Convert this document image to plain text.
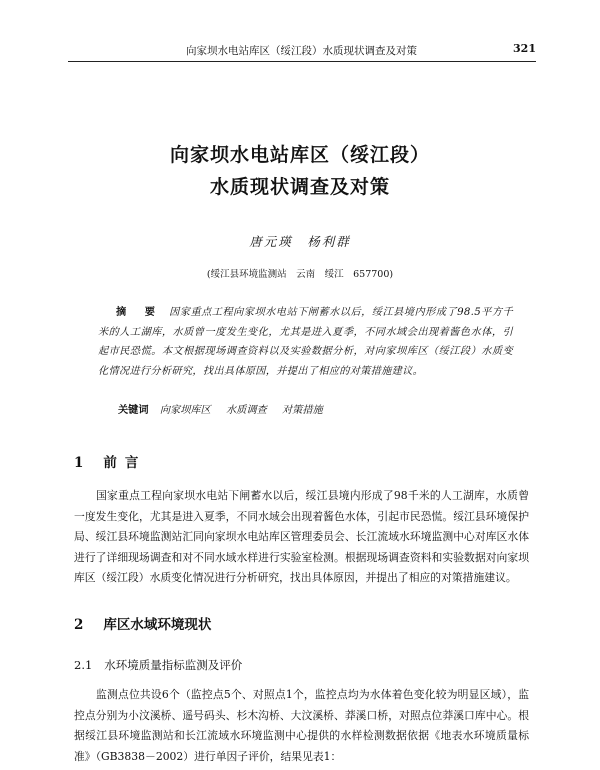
向家坝水电站库区（绥江段）水质现状调查及对策	321
向家坝水电站库区（绥江段）
水质现状调查及对策
唐元瑛　杨利群
(绥江县环境监测站　云南　绥江　657700)
摘　要 因家重点工程向家坝水电站下闸蓄水以后，绥江县境内形成了98.5平方千米的人工湖库，水质曾一度发生变化，尤其是进入夏季，不同水域会出现着酱色水体，引起市民恐慌。本文根据现场调查资料以及实验数据分析，对向家坝库区（绥江段）水质变化情况进行分析研究，找出具体原因，并提出了相应的对策措施建议。
关键词 向家坝库区 水质调查 对策措施
1 前言
国家重点工程向家坝水电站下闸蓄水以后，绥江县境内形成了98千米的人工湖库，水质曾一度发生变化，尤其是进入夏季，不同水域会出现着酱色水体，引起市民恐慌。绥江县环境保护局、绥江县环境监测站汇同向家坝水电站库区管理委员会、长江流域水环境监测中心对库区水体进行了详细现场调查和对不同水域水样进行实验室检测。根据现场调查资料和实验数据对向家坝库区（绥江段）水质变化情况进行分析研究，找出具体原因，并提出了相应的对策措施建议。
2 库区水域环境现状
2.1 水环境质量指标监测及评价
监测点位共设6个（监控点5个、对照点1个，监控点均为水体着色变化较为明显区域），监控点分别为小汶溪桥、遥号码头、杉木沟桥、大汶溪桥、莽溪口桥，对照点位莽溪口库中心。根据绥江县环境监测站和长江流域水环境监测中心提供的水样检测数据依据《地表水环境质量标准》（GB3838－2002）进行单因子评价，结果见表1：
